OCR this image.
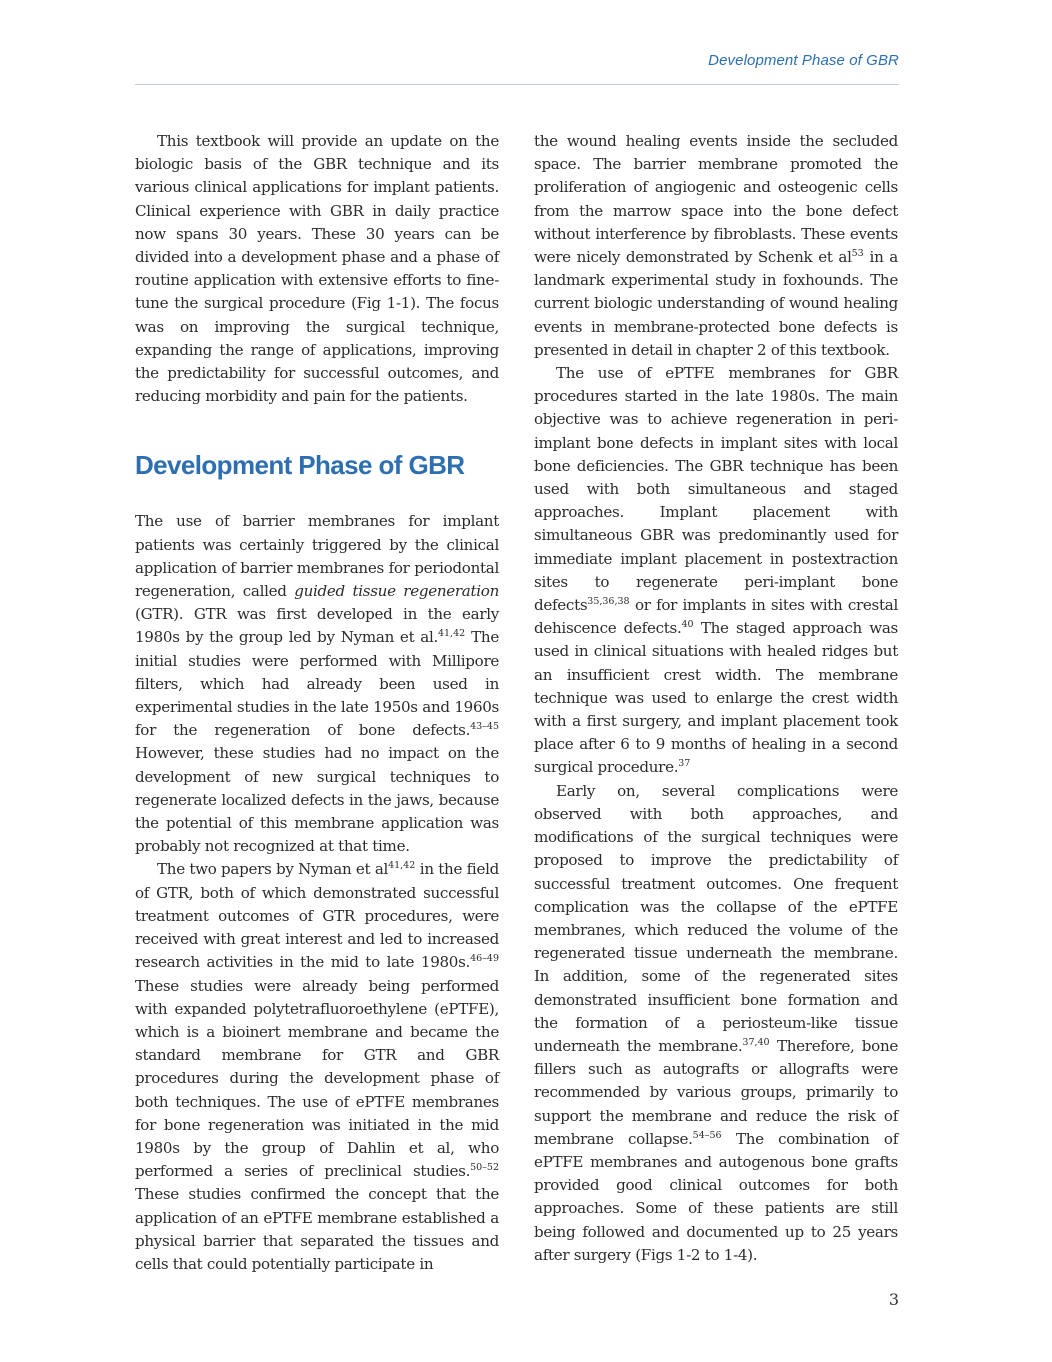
Development Phase of GBR

This textbook will provide an update on the biologic basis of the GBR technique and its various clinical applications for implant patients. Clinical experience with GBR in daily practice now spans 30 years. These 30 years can be divided into a development phase and a phase of routine application with extensive efforts to fine-tune the surgical procedure (Fig 1-1). The focus was on improving the surgical technique, expanding the range of applications, improving the predictability for successful outcomes, and reducing morbidity and pain for the patients.

Development Phase of GBR

The use of barrier membranes for implant patients was certainly triggered by the clinical application of barrier membranes for periodontal regeneration, called guided tissue regeneration (GTR). GTR was first developed in the early 1980s by the group led by Nyman et al.$^{41,42}$ The initial studies were performed with Millipore filters, which had already been used in experimental studies in the late 1950s and 1960s for the regeneration of bone defects.$^{43-45}$ However, these studies had no impact on the development of new surgical techniques to regenerate localized defects in the jaws, because the potential of this membrane application was probably not recognized at that time.

The two papers by Nyman et al$^{41,42}$ in the field of GTR, both of which demonstrated successful treatment outcomes of GTR procedures, were received with great interest and led to increased research activities in the mid to late 1980s.$^{46-49}$ These studies were already being performed with expanded polytetrafluoroethylene (ePTFE), which is a bioinert membrane and became the standard membrane for GTR and GBR procedures during the development phase of both techniques. The use of ePTFE membranes for bone regeneration was initiated in the mid 1980s by the group of Dahlin et al, who performed a series of preclinical studies.$^{50-52}$ These studies confirmed the concept that the application of an ePTFE membrane established a physical barrier that separated the tissues and cells that could potentially participate in

the wound healing events inside the secluded space. The barrier membrane promoted the proliferation of angiogenic and osteogenic cells from the marrow space into the bone defect without interference by fibroblasts. These events were nicely demonstrated by Schenk et $al^{53}$ in a landmark experimental study in foxhounds. The current biologic understanding of wound healing events in membrane-protected bone defects is presented in detail in chapter 2 of this textbook.

The use of ePTFE membranes for GBR procedures started in the late 1980s. The main objective was to achieve regeneration in peri-implant bone defects in implant sites with local bone deficiencies. The GBR technique has been used with both simultaneous and staged approaches. Implant placement with simultaneous GBR was predominantly used for immediate implant placement in postextraction sites to regenerate peri-implant bone defects$^{35,36,38}$ or for implants in sites with crestal dehiscence defects.$^{40}$ The staged approach was used in clinical situations with healed ridges but an insufficient crest width. The membrane technique was used to enlarge the crest width with a first surgery, and implant placement took place after 6 to 9 months of healing in a second surgical procedure.$^{37}$

Early on, several complications were observed with both approaches, and modifications of the surgical techniques were proposed to improve the predictability of successful treatment outcomes. One frequent complication was the collapse of the ePTFE membranes, which reduced the volume of the regenerated tissue underneath the membrane. In addition, some of the regenerated sites demonstrated insufficient bone formation and the formation of a periosteum-like tissue underneath the membrane.$^{37,40}$ Therefore, bone fillers such as autografts or allografts were recommended by various groups, primarily to support the membrane and reduce the risk of membrane collapse.$^{54-56}$ The combination of ePTFE membranes and autogenous bone grafts provided good clinical outcomes for both approaches. Some of these patients are still being followed and documented up to 25 years after surgery (Figs 1-2 to 1-4).

3
